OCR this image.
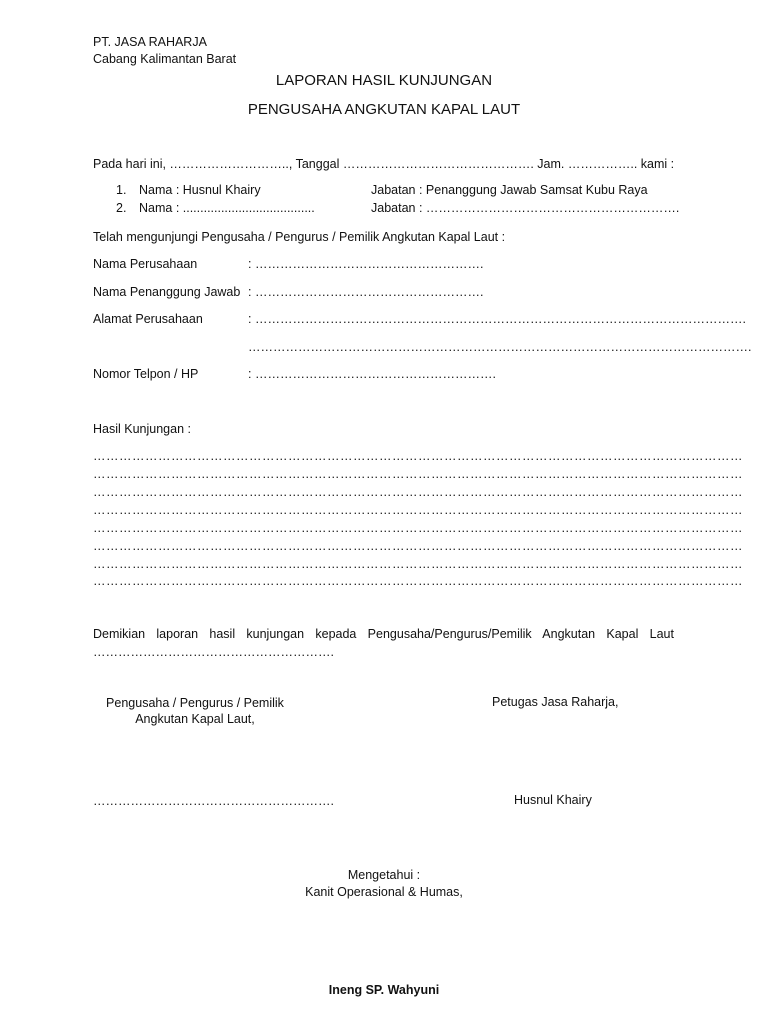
PT. JASA RAHARJA
Cabang Kalimantan Barat
LAPORAN HASIL KUNJUNGAN
PENGUSAHA ANGKUTAN KAPAL LAUT
Pada hari ini, ……………………….., Tanggal ………………………………………. Jam. …………….. kami :
1. Nama : Husnul Khairy	Jabatan : Penanggung Jawab Samsat Kubu Raya
2. Nama : ......................................	Jabatan : …………………………………………………….
Telah mengunjungi Pengusaha / Pengurus / Pemilik Angkutan Kapal Laut :
Nama Perusahaan	: ……………………………………………….
Nama Penanggung Jawab : ……………………………………………….
Alamat Perusahaan	: ……………………………………………………………………………………………………….
………………………………………………………………………………………………………….
Nomor Telpon / HP	: ………………………………………………….
Hasil Kunjungan :
……………………………………………………………………………………………………………………………………
……………………………………………………………………………………………………………………………………
……………………………………………………………………………………………………………………………………
……………………………………………………………………………………………………………………………………
……………………………………………………………………………………………………………………………………
……………………………………………………………………………………………………………………………………
……………………………………………………………………………………………………………………………………
……………………………………………………………………………………………………………………………………
Demikian laporan hasil kunjungan kepada Pengusaha/Pengurus/Pemilik Angkutan Kapal Laut
………………………………………………….
Pengusaha / Pengurus / Pemilik
Angkutan Kapal Laut,
Petugas Jasa Raharja,
………………………………………………….	Husnul Khairy
Mengetahui :
Kanit Operasional & Humas,
Ineng SP. Wahyuni
